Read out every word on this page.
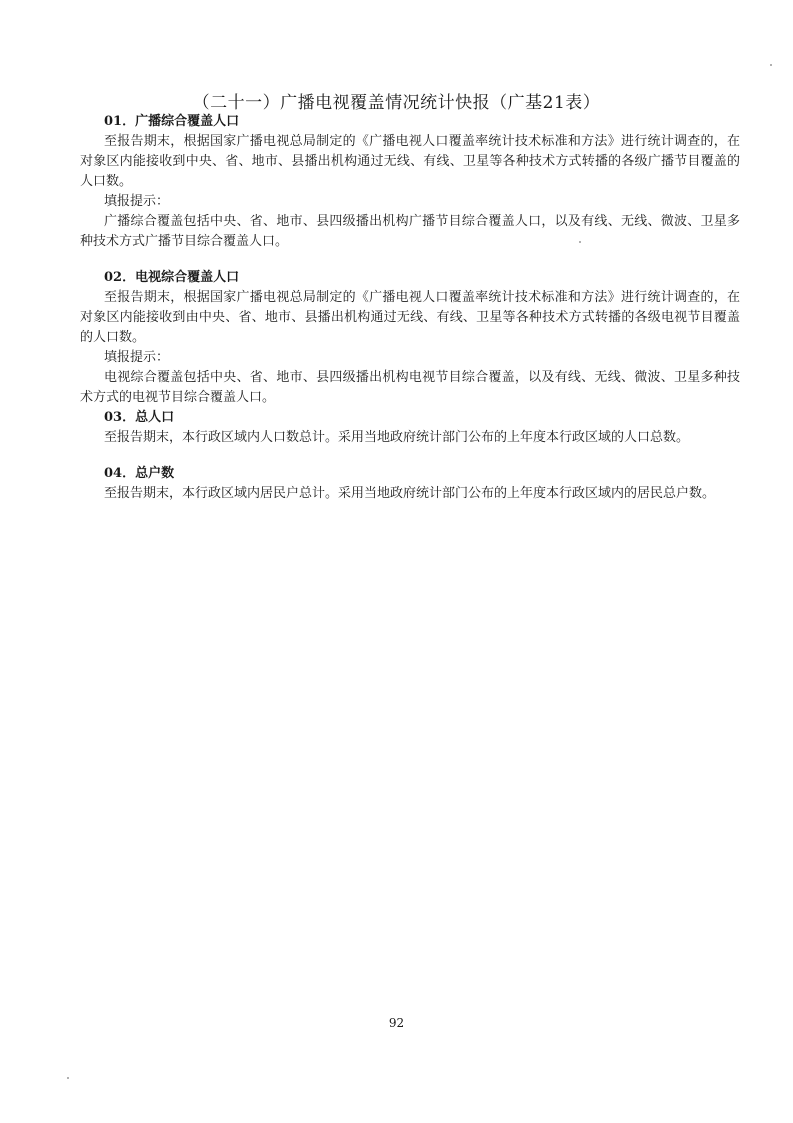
（二十一）广播电视覆盖情况统计快报（广基21表）
01．广播综合覆盖人口

至报告期末，根据国家广播电视总局制定的《广播电视人口覆盖率统计技术标准和方法》进行统计调查的，在对象区内能接收到中央、省、地市、县播出机构通过无线、有线、卫星等各种技术方式转播的各级广播节目覆盖的人口数。

填报提示：

广播综合覆盖包括中央、省、地市、县四级播出机构广播节目综合覆盖人口，以及有线、无线、微波、卫星多种技术方式广播节目综合覆盖人口。

02．电视综合覆盖人口

至报告期末，根据国家广播电视总局制定的《广播电视人口覆盖率统计技术标准和方法》进行统计调查的，在对象区内能接收到由中央、省、地市、县播出机构通过无线、有线、卫星等各种技术方式转播的各级电视节目覆盖的人口数。

填报提示：

电视综合覆盖包括中央、省、地市、县四级播出机构电视节目综合覆盖，以及有线、无线、微波、卫星多种技术方式的电视节目综合覆盖人口。

03．总人口

至报告期末，本行政区域内人口数总计。采用当地政府统计部门公布的上年度本行政区域的人口总数。

04．总户数

至报告期末，本行政区域内居民户总计。采用当地政府统计部门公布的上年度本行政区域内的居民总户数。

92
